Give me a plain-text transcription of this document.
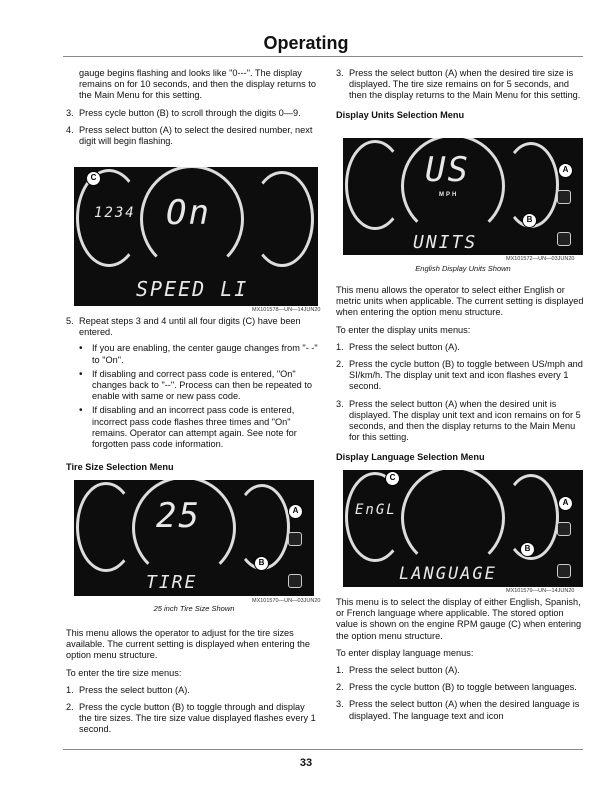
Operating

gauge begins flashing and looks like "0---". The display remains on for 10 seconds, and then the display returns to the Main Menu for this setting.

3. Press cycle button (B) to scroll through the digits 0—9.
4. Press select button (A) to select the desired number, next digit will begin flashing.
1234 On
SPEED LI
C
MX101578—UN—14JUN20
5. Repeat steps 3 and 4 until all four digits (C) have been entered.
•	If you are enabling, the center gauge changes from "- -" to "On".
•	If disabling and correct pass code is entered, "On" changes back to "--". Process can then be repeated to enable with same or new pass code.
•	If disabling and an incorrect pass code is entered, incorrect pass code flashes three times and "On" remains. Operator can attempt again. See note for forgotten pass code information.
Tire Size Selection Menu
25
TIRE
A
B
MX101570—UN—03JUN20
25 inch Tire Size Shown

This menu allows the operator to adjust for the tire sizes available. The current setting is displayed when entering the option menu structure.

To enter the tire size menus:

1. Press the select button (A).
2. Press the cycle button (B) to toggle through and display the tire sizes. The tire size value displayed flashes every 1 second.
3. Press the select button (A) when the desired tire size is displayed. The tire size remains on for 5 seconds, and then the display returns to the Main Menu for this setting.
Display Units Selection Menu
US
MPH
UNITS
A
B
MX101572—UN—03JUN20
English Display Units Shown

This menu allows the operator to select either English or metric units when applicable. The current setting is displayed when entering the option menu structure.

To enter the display units menus:

1. Press the select button (A).
2. Press the cycle button (B) to toggle between US/mph and SI/km/h. The display unit text and icon flashes every 1 second.
3. Press the select button (A) when the desired unit is displayed. The display unit text and icon remains on for 5 seconds, and then the display returns to the Main Menu for this setting.
Display Language Selection Menu
EnGL
LANGUAGE
C
A
B
MX101579—UN—14JUN20

This menu is to select the display of either English, Spanish, or French language where applicable. The stored option value is shown on the engine RPM gauge (C) when entering the option menu structure.

To enter display language menus:

1. Press the select button (A).
2. Press the cycle button (B) to toggle between languages.
3. Press the select button (A) when the desired language is displayed. The language text and icon
33
